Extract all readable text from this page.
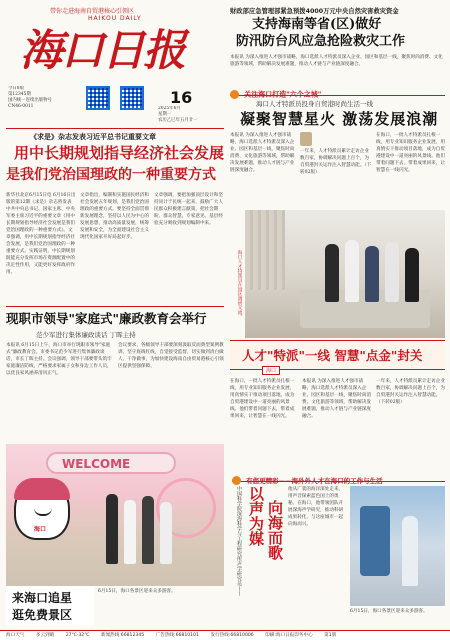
带你走进海南自贸港核心引领区
HAIKOU DAILY
海口日报
今日8版
第12345期
国内统一连续出版物号
CN46-0011	16
2025年6月
星期一
农历乙巳年五月廿一
财政部应急管理部紧急预拨4000万元中央自然灾害救灾资金
支持海南等省(区)做好
防汛防台风应急抢险救灾工作
本报讯 为深入推进人才强市战略，海口选派人才特派员深入企业、园区和基层一线，聚焦时尚消费、文化旅游等领域，帮助解决发展难题，推动人才链与产业链深度融合。
关注海口打造"六个之城"
海口人才特派员投身自贸港时尚生活一线
凝聚智慧星火 激荡发展浪潮
本报讯 为深入推进人才强市战略，海口选派人才特派员深入企业、园区和基层一线，聚焦时尚消费、文化旅游等领域，帮助解决发展难题，推动人才链与产业链深度融合。
一年来，人才特派员累计走访企业数百家，协调解决问题上百个，为自贸港封关运作注入智慧动能。（下转02版）
在海口，一批人才特派员扎根一线，用专业知识服务企业发展，用真情实干推动项目落地，成为自贸港建设中一道亮丽的风景线。他们带着问题下去，带着成果回来，让智慧在一线闪光。
海口人才特派员在园区调研交流。
人才"特派"一线 智慧"点金"封关
海口
在海口，一批人才特派员扎根一线，用专业知识服务企业发展，用真情实干推动项目落地，成为自贸港建设中一道亮丽的风景线。他们带着问题下去，带着成果回来，让智慧在一线闪光。
本报讯 为深入推进人才强市战略，海口选派人才特派员深入企业、园区和基层一线，聚焦时尚消费、文化旅游等领域，帮助解决发展难题，推动人才链与产业链深度融合。
一年来，人才特派员累计走访企业数百家，协调解决问题上百个，为自贸港封关运作注入智慧动能。（下转02版）
《求是》杂志发表习近平总书记重要文章
用中长期规划指导经济社会发展
是我们党治国理政的一种重要方式
新华社北京6月15日电 6月16日出版的第12期《求是》杂志将发表中共中央总书记、国家主席、中央军委主席习近平的重要文章《用中长期规划指导经济社会发展是我们党治国理政的一种重要方式》。文章强调，用中长期规划指导经济社会发展，是我们党治国理政的一种重要方式。实践证明，中长期规划既能充分发挥市场在资源配置中的决定性作用，又能更好发挥政府作用。
文章指出，编制和实施国民经济和社会发展五年规划，是我们党治国理政的重要方式。要坚持全面贯彻新发展理念，坚持以人民为中心的发展思想，推动高质量发展，统筹发展和安全，为全面建设社会主义现代化国家开好局起好步。
文章强调，要把加强顶层设计和坚持问计于民统一起来，鼓励广大人民群众积极建言献策，把社会期盼、群众智慧、专家意见、基层经验充分吸收到规划编制中来。
现职市领导"家庭式"廉政教育会举行
范少军进行集体廉政谈话 丁晖主持
本报讯 6月15日上午，海口市举行现职市领导"家庭式"廉政教育会。市委书记范少军进行集体廉政谈话，市长丁晖主持。会议强调，领导干部要带头筑牢家庭廉洁防线，严格要求家属子女和身边工作人员，以优良家风涵养清风正气。
会议要求，各级领导干部要深刻汲取反面典型案例教训，坚守底线红线，自觉接受监督，切实做到清白做人、干净做事，为加快建设海南自由贸易港核心引领区提供坚强保障。
WELCOME
海口
来海口追星
逛免费景区
6月15日，海口各景区迎来众多游客。
有您更精彩——海外外人才在海口的工作与生活
中国科学院深海科学与工程研究所声学研究员—— 以声为媒 向海而歌
他从广袤的海洋深处走来，用声音探索蓝色国土的奥秘。在海口，他带领团队开展深海声学研究，推动科研成果转化，与这座城市一起向海而兴。
6月15日，海口各景区迎来众多游客。
海口天气 多云到晴 27℃-32℃ 新闻热线:66812345 广告热线:66810101 发行热线:66810006 印刷:海口日报印务中心 第1版
